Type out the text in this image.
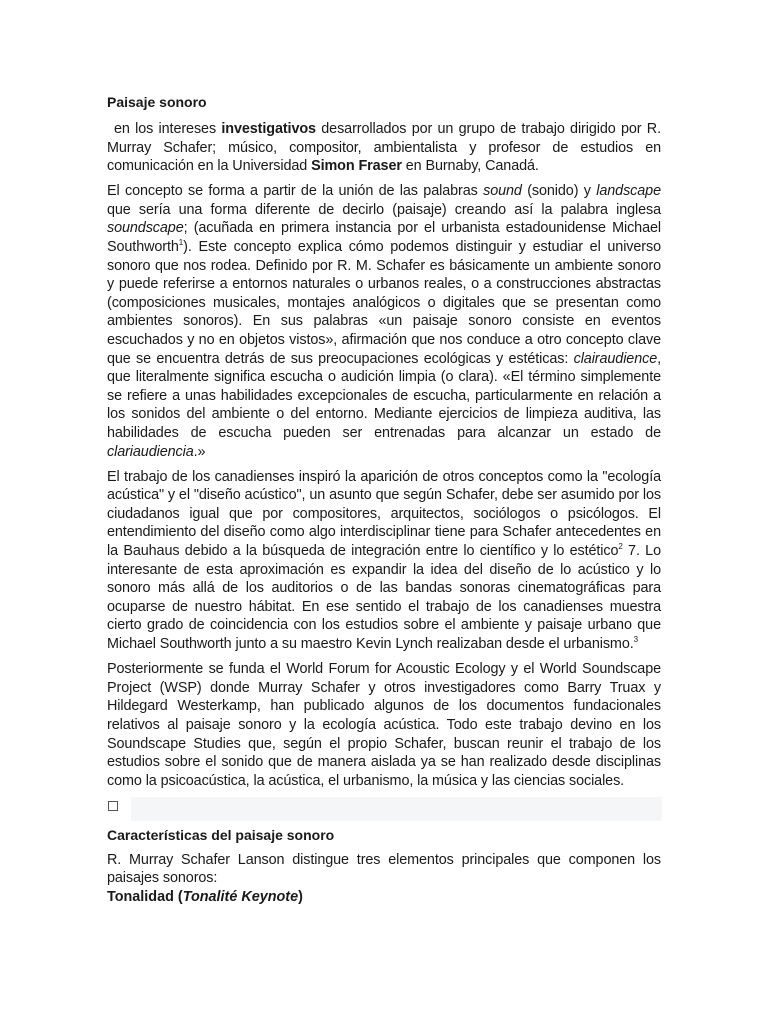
Paisaje sonoro

en los intereses investigativos desarrollados por un grupo de trabajo dirigido por R. Murray Schafer; músico, compositor, ambientalista y profesor de estudios en comunicación en la Universidad Simon Fraser en Burnaby, Canadá.

El concepto se forma a partir de la unión de las palabras sound (sonido) y landscape que sería una forma diferente de decirlo (paisaje) creando así la palabra inglesa soundscape; (acuñada en primera instancia por el urbanista estadounidense Michael Southworth$^1$). Este concepto explica cómo podemos distinguir y estudiar el universo sonoro que nos rodea. Definido por R. M. Schafer es básicamente un ambiente sonoro y puede referirse a entornos naturales o urbanos reales, o a construcciones abstractas (composiciones musicales, montajes analógicos o digitales que se presentan como ambientes sonoros). En sus palabras «un paisaje sonoro consiste en eventos escuchados y no en objetos vistos», afirmación que nos conduce a otro concepto clave que se encuentra detrás de sus preocupaciones ecológicas y estéticas: clairaudience, que literalmente significa escucha o audición limpia (o clara). «El término simplemente se refiere a unas habilidades excepcionales de escucha, particularmente en relación a los sonidos del ambiente o del entorno. Mediante ejercicios de limpieza auditiva, las habilidades de escucha pueden ser entrenadas para alcanzar un estado de clariaudiencia.»

El trabajo de los canadienses inspiró la aparición de otros conceptos como la "ecología acústica" y el "diseño acústico", un asunto que según Schafer, debe ser asumido por los ciudadanos igual que por compositores, arquitectos, sociólogos o psicólogos. El entendimiento del diseño como algo interdisciplinar tiene para Schafer antecedentes en la Bauhaus debido a la búsqueda de integración entre lo científico y lo estético$^2$ 7. Lo interesante de esta aproximación es expandir la idea del diseño de lo acústico y lo sonoro más allá de los auditorios o de las bandas sonoras cinematográficas para ocuparse de nuestro hábitat. En ese sentido el trabajo de los canadienses muestra cierto grado de coincidencia con los estudios sobre el ambiente y paisaje urbano que Michael Southworth junto a su maestro Kevin Lynch realizaban desde el urbanismo.$^3$

Posteriormente se funda el World Forum for Acoustic Ecology y el World Soundscape Project (WSP) donde Murray Schafer y otros investigadores como Barry Truax y Hildegard Westerkamp, han publicado algunos de los documentos fundacionales relativos al paisaje sonoro y la ecología acústica. Todo este trabajo devino en los Soundscape Studies que, según el propio Schafer, buscan reunir el trabajo de los estudios sobre el sonido que de manera aislada ya se han realizado desde disciplinas como la psicoacústica, la acústica, el urbanismo, la música y las ciencias sociales.

Características del paisaje sonoro

R. Murray Schafer Lanson distingue tres elementos principales que componen los paisajes sonoros:

Tonalidad (Tonalité Keynote)
